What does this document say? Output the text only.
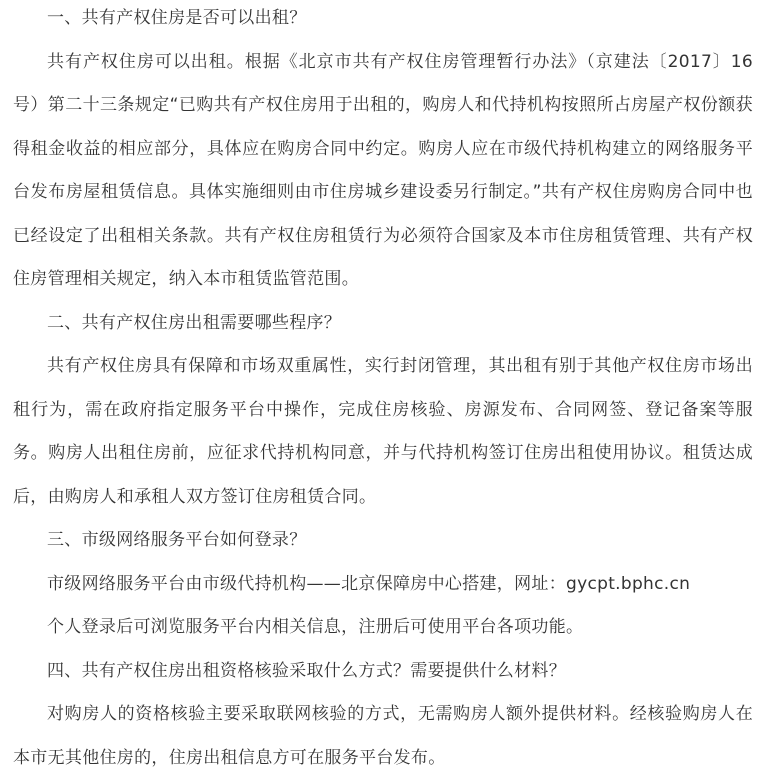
一、共有产权住房是否可以出租？

共有产权住房可以出租。根据《北京市共有产权住房管理暂行办法》（京建法〔2017〕16号）第二十三条规定“已购共有产权住房用于出租的，购房人和代持机构按照所占房屋产权份额获得租金收益的相应部分，具体应在购房合同中约定。购房人应在市级代持机构建立的网络服务平台发布房屋租赁信息。具体实施细则由市住房城乡建设委另行制定。”共有产权住房购房合同中也已经设定了出租相关条款。共有产权住房租赁行为必须符合国家及本市住房租赁管理、共有产权住房管理相关规定，纳入本市租赁监管范围。

二、共有产权住房出租需要哪些程序？

共有产权住房具有保障和市场双重属性，实行封闭管理，其出租有别于其他产权住房市场出租行为，需在政府指定服务平台中操作，完成住房核验、房源发布、合同网签、登记备案等服务。购房人出租住房前，应征求代持机构同意，并与代持机构签订住房出租使用协议。租赁达成后，由购房人和承租人双方签订住房租赁合同。

三、市级网络服务平台如何登录？

市级网络服务平台由市级代持机构——北京保障房中心搭建，网址：gycpt.bphc.cn

个人登录后可浏览服务平台内相关信息，注册后可使用平台各项功能。

四、共有产权住房出租资格核验采取什么方式？需要提供什么材料？

对购房人的资格核验主要采取联网核验的方式，无需购房人额外提供材料。经核验购房人在本市无其他住房的，住房出租信息方可在服务平台发布。
